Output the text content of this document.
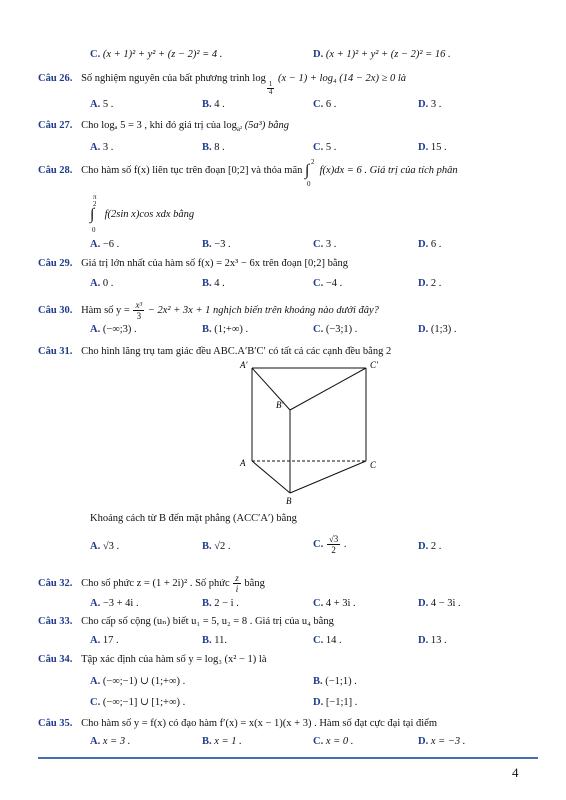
C. (x + 1)² + y² + (z − 2)² = 4 .	D. (x + 1)² + y² + (z − 2)² = 16 .
Câu 26. Số nghiệm nguyên của bất phương trình log
$\frac{1}{4}$
(x − 1) + log₄ (14 − 2x) ≥ 0 là
A. 5 .	B. 4 .	C. 6 .	D. 3 .
Câu 27. Cho logₐ 5 = 3 , khi đó giá trị của $\log_{a^2} (5a^3)$ bằng
A. 3 .	B. 8 .	C. 5 .	D. 15 .
Câu 28. Cho hàm số f(x) liên tục trên đoạn [0;2] và thỏa mãn ∫
2
0
f(x)dx = 6 . Giá trị của tích phân
∫
π
2
0
f(2sin x)cos xdx bằng
A. −6 .	B. −3 .	C. 3 .	D. 6 .
Câu 29. Giá trị lớn nhất của hàm số f(x) = 2x³ − 6x trên đoạn [0;2] bằng
A. 0 .	B. 4 .	C. −4 .	D. 2 .
Câu 30. Hàm số $y = \frac{\text{x³}}{3} - 2x^2 + 3x + 1$ nghịch biến trên khoảng nào dưới đây?
A. (−∞;3) .	B. (1;+∞) .	C. (−3;1) .	D. (1;3) .
Câu 31. Cho hình lăng trụ tam giác đều ABC.A′B′C′ có tất cả các cạnh đều bằng 2
A′	C′
B′
A	C
B
Khoảng cách từ B đến mặt phẳng (ACC′A′) bằng
A. √3 .	B. √2 .	C. $\frac{√3}{2}$ .	D. 2 .
Câu 32. Cho số phức z = (1 + 2i)² . Số phức $\frac{z}{i}$ bằng
A. −3 + 4i .	B. 2 − i .	C. 4 + 3i .	D. 4 − 3i .
Câu 33. Cho cấp số cộng (uₙ) biết u₁ = 5, u₂ = 8 . Giá trị của u₄ bằng
A. 17 .	B. 11.	C. 14 .	D. 13 .
Câu 34. Tập xác định của hàm số y = log₃ (x² − 1) là
A. (−∞;−1) ∪ (1;+∞) .	B. (−1;1) .
C. (−∞;−1] ∪ [1;+∞) .	D. [−1;1] .
Câu 35. Cho hàm số y = f(x) có đạo hàm f′(x) = x(x − 1)(x + 3) . Hàm số đạt cực đại tại điểm
A. x = 3 .	B. x = 1 .	C. x = 0 .	D. x = −3 .
4
